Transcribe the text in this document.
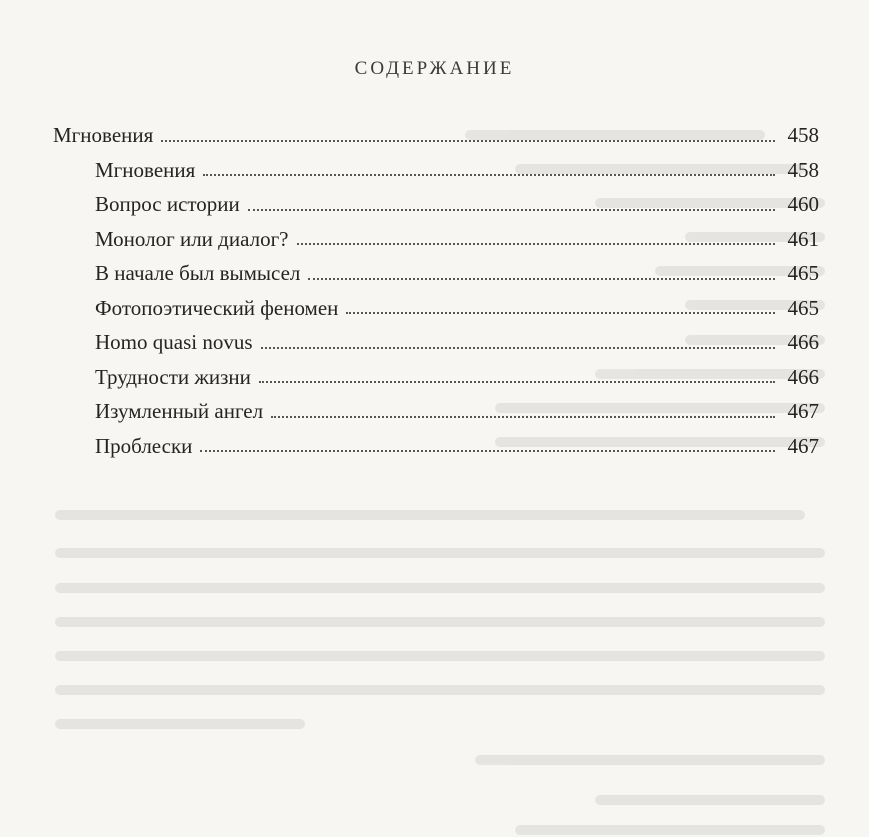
СОДЕРЖАНИЕ
Мгновения	458
Мгновения	458
Вопрос истории	460
Монолог или диалог?	461
В начале был вымысел	465
Фотопоэтический феномен	465
Homo quasi novus	466
Трудности жизни	466
Изумленный ангел	467
Проблески	467
